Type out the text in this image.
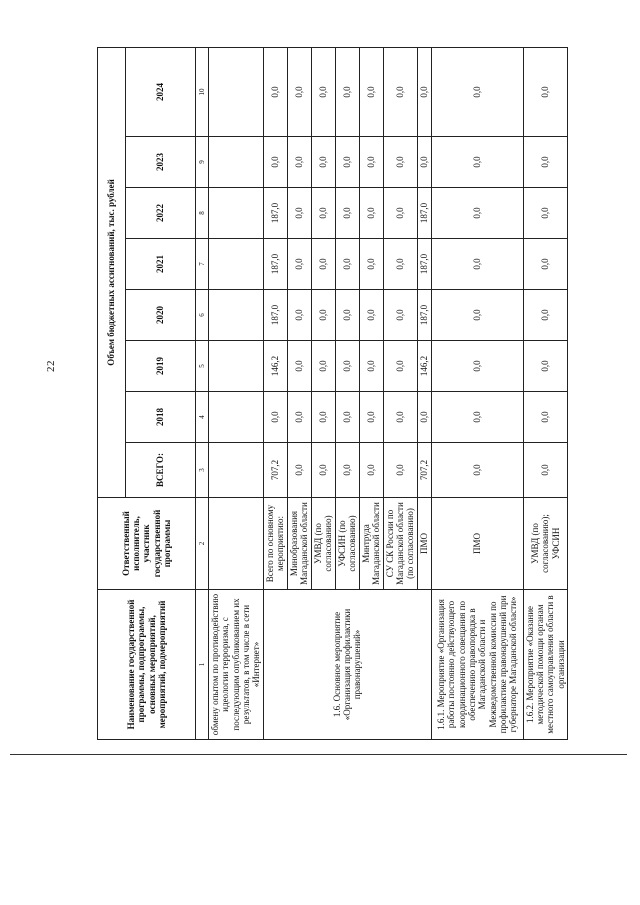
22
Наименование государственной программы, подпрограммы, основных мероприятий, мероприятий, подмероприятий	Ответственный исполнитель, участник государственной программы	Объем бюджетных ассигнований, тыс. рублей							
		ВСЕГО:	2018	2019	2020	2021	2022	2023	2024
1	2	3	4	5	6	7	8	9	10
обмену опытом по противодействию идеологии терроризма, с последующим опубликованием их результатов, в том числе в сети «Интернет»									
1.6. Основное мероприятие «Организация профилактики правонарушений»	Всего по основному мероприятию:	707,2	0,0	146,2	187,0	187,0	187,0	0,0	0,0
	Минобразования Магаданской области	0,0	0,0	0,0	0,0	0,0	0,0	0,0	0,0
	УМВД (по согласованию)	0,0	0,0	0,0	0,0	0,0	0,0	0,0	0,0
	УФСИН (по согласованию)	0,0	0,0	0,0	0,0	0,0	0,0	0,0	0,0
	Минтруда Магаданской области	0,0	0,0	0,0	0,0	0,0	0,0	0,0	0,0
	СУ СК России по Магаданской области (по согласованию)	0,0	0,0	0,0	0,0	0,0	0,0	0,0	0,0
	ПМО	707,2	0,0	146,2	187,0	187,0	187,0	0,0	0,0
1.6.1. Мероприятие «Организация работы постоянно действующего координационного совещания по обеспечению правопорядка в Магаданской области и Межведомственной комиссии по профилактике правонарушений при губернаторе Магаданской области»	ПМО	0,0	0,0	0,0	0,0	0,0	0,0	0,0	0,0
1.6.2. Мероприятие «Оказание методической помощи органам местного самоуправления области в организации	УМВД (по согласованию); УФСИН	0,0	0,0	0,0	0,0	0,0	0,0	0,0	0,0
